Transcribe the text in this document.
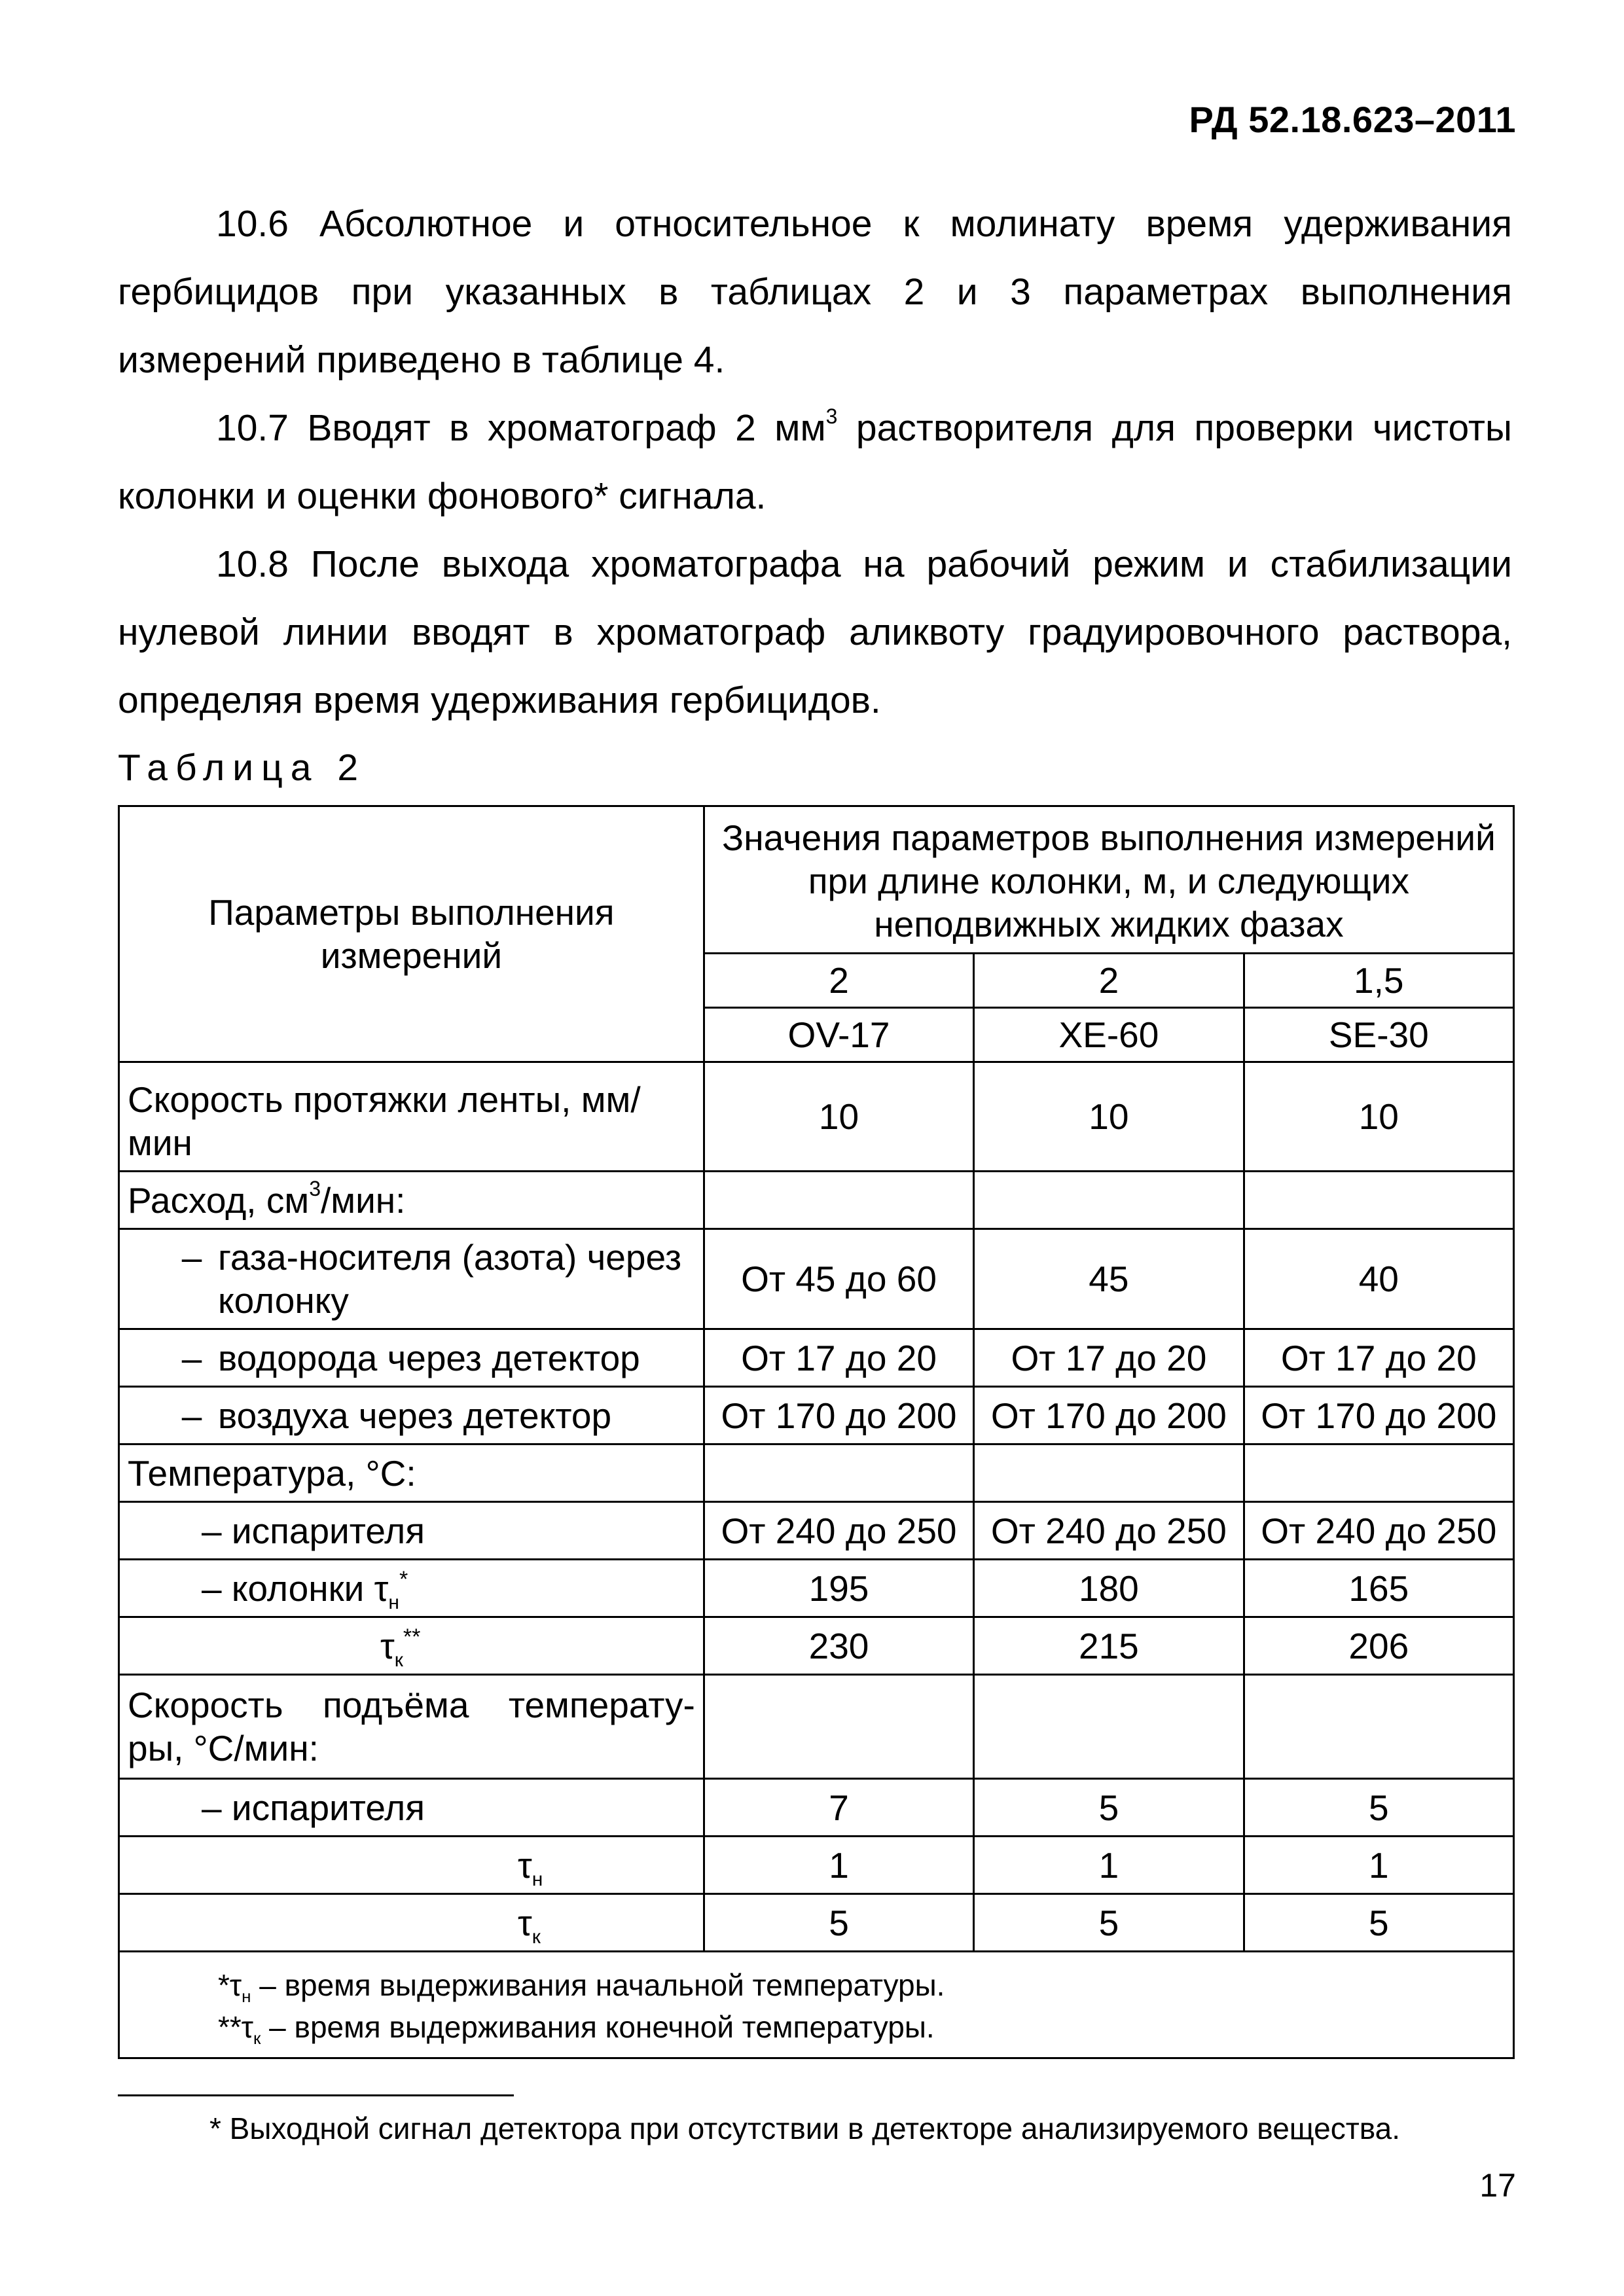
РД 52.18.623–2011

10.6 Абсолютное и относительное к молинату время удерживания гербицидов при указанных в таблицах 2 и 3 параметрах выполнения измерений приведено в таблице 4.

10.7 Вводят в хроматограф 2 $мм^3$ растворителя для проверки чистоты колонки и оценки фонового* сигнала.

10.8 После выхода хроматографа на рабочий режим и стабилизации нулевой линии вводят в хроматограф аликвоту градуировочного раствора, определяя время удерживания гербицидов.

Таблица 2
Параметры выполнения измерений	Значения параметров выполнения измерений при длине колонки, м, и следующих неподвижных жидких фазах		
	2	2	1,5
	OV-17	XE-60	SE-30
Скорость протяжки ленты, мм/мин	10	10	10
Расход, $см^3$/мин:			

– газа-носителя (азота) через колонку	От 45 до 60	45	40

– водорода через детектор	От 17 до 20	От 17 до 20	От 17 до 20

– воздуха через детектор	От 170 до 200	От 170 до 200	От 170 до 200
Температура, °С:			
– испарителя	От 240 до 250	От 240 до 250	От 240 до 250
– колонки $\tau_н^*$	195	180	165
$\tau_к^{**}$	230	215	206

Скорость подъёма температу-
ры, °С/мин:			

– испарителя	7	5	5
$\tau_н$	1	1	1
$\tau_к$	5	5	5

$*\tau_н$ – время выдерживания начальной температуры.
$**\tau_к$ – время выдерживания конечной температуры.			
* Выходной сигнал детектора при отсутствии в детекторе анализируемого вещества.
17
